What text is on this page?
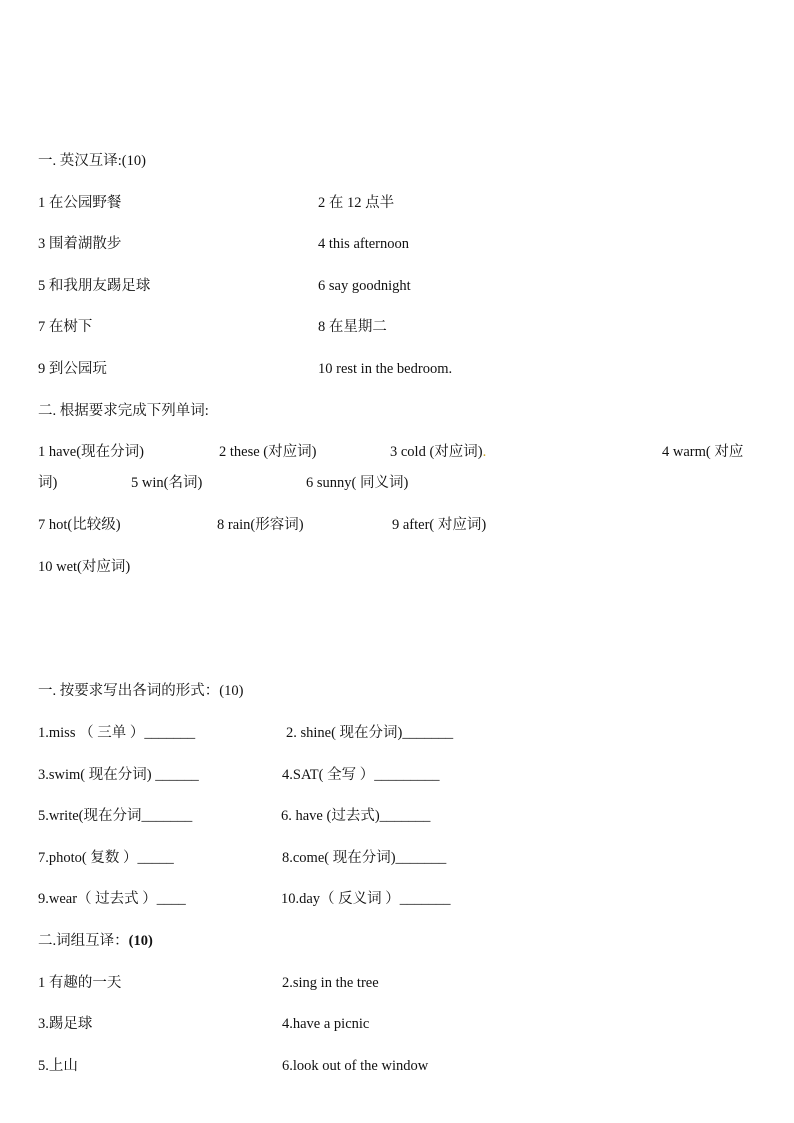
一. 英汉互译:(10)
1 在公园野餐	2 在 12 点半
3 围着湖散步	4 this afternoon
5 和我朋友踢足球	6 say goodnight
7 在树下	8 在星期二
9 到公园玩	10 rest in the bedroom.
二. 根据要求完成下列单词:
1 have(现在分词)	2 these (对应词)	3 cold (对应词).	4 warm( 对应
词)	5 win(名词)	6 sunny( 同义词)
7 hot(比较级)	8 rain(形容词)	9 after( 对应词)
10 wet(对应词)
一. 按要求写出各词的形式：(10)
1.miss （ 三单 ）_______	2. shine( 现在分词)_______
3.swim( 现在分词) ______	4.SAT( 全写 ）_________
5.write(现在分词_______	6. have (过去式)_______
7.photo( 复数 ）_____	8.come( 现在分词)_______
9.wear（ 过去式 ）____	10.day（ 反义词 ）_______
二.词组互译：(10)
1 有趣的一天	2.sing in the tree
3.踢足球	4.have a picnic
5.上山	6.look out of the window
